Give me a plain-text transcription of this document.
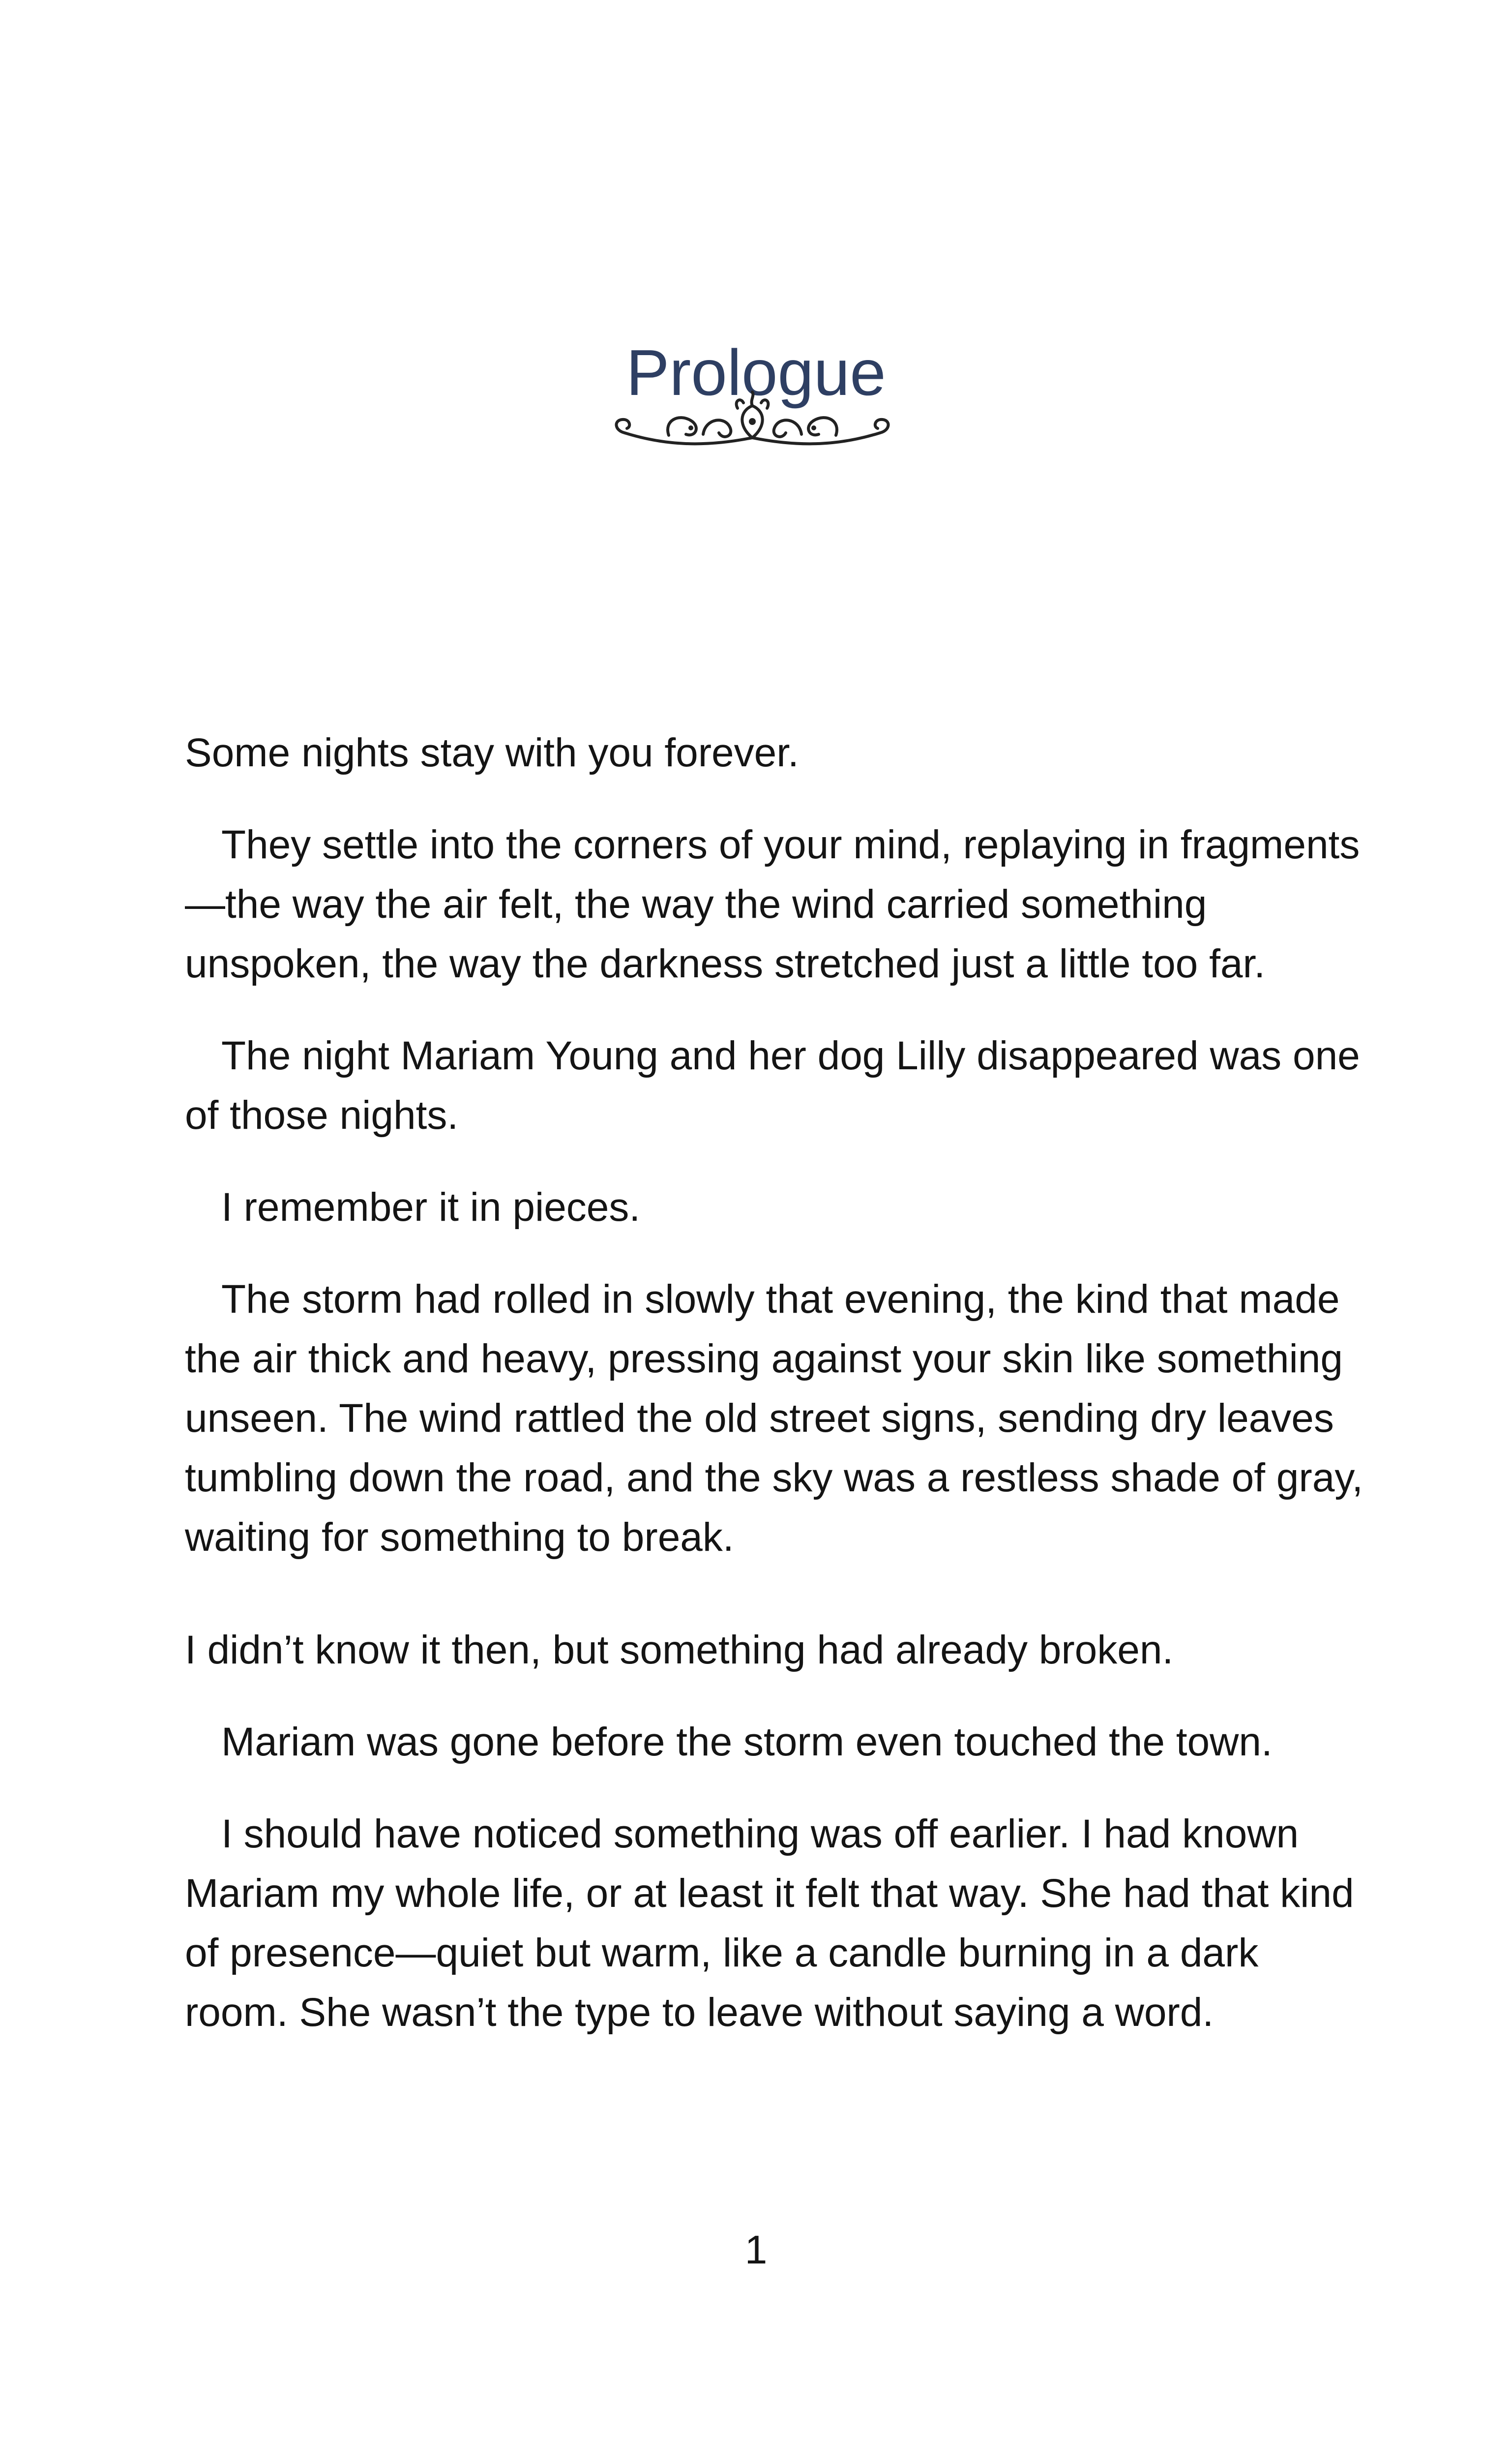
Prologue

Some nights stay with you forever.

They settle into the corners of your mind, replaying in fragments—the way the air felt, the way the wind carried something unspoken, the way the darkness stretched just a little too far.

The night Mariam Young and her dog Lilly disappeared was one of those nights.

I remember it in pieces.

The storm had rolled in slowly that evening, the kind that made the air thick and heavy, pressing against your skin like something unseen. The wind rattled the old street signs, sending dry leaves tumbling down the road, and the sky was a restless shade of gray, waiting for something to break.

I didn’t know it then, but something had already broken.

Mariam was gone before the storm even touched the town.

I should have noticed something was off earlier. I had known Mariam my whole life, or at least it felt that way. She had that kind of presence—quiet but warm, like a candle burning in a dark room. She wasn’t the type to leave without saying a word.

1
